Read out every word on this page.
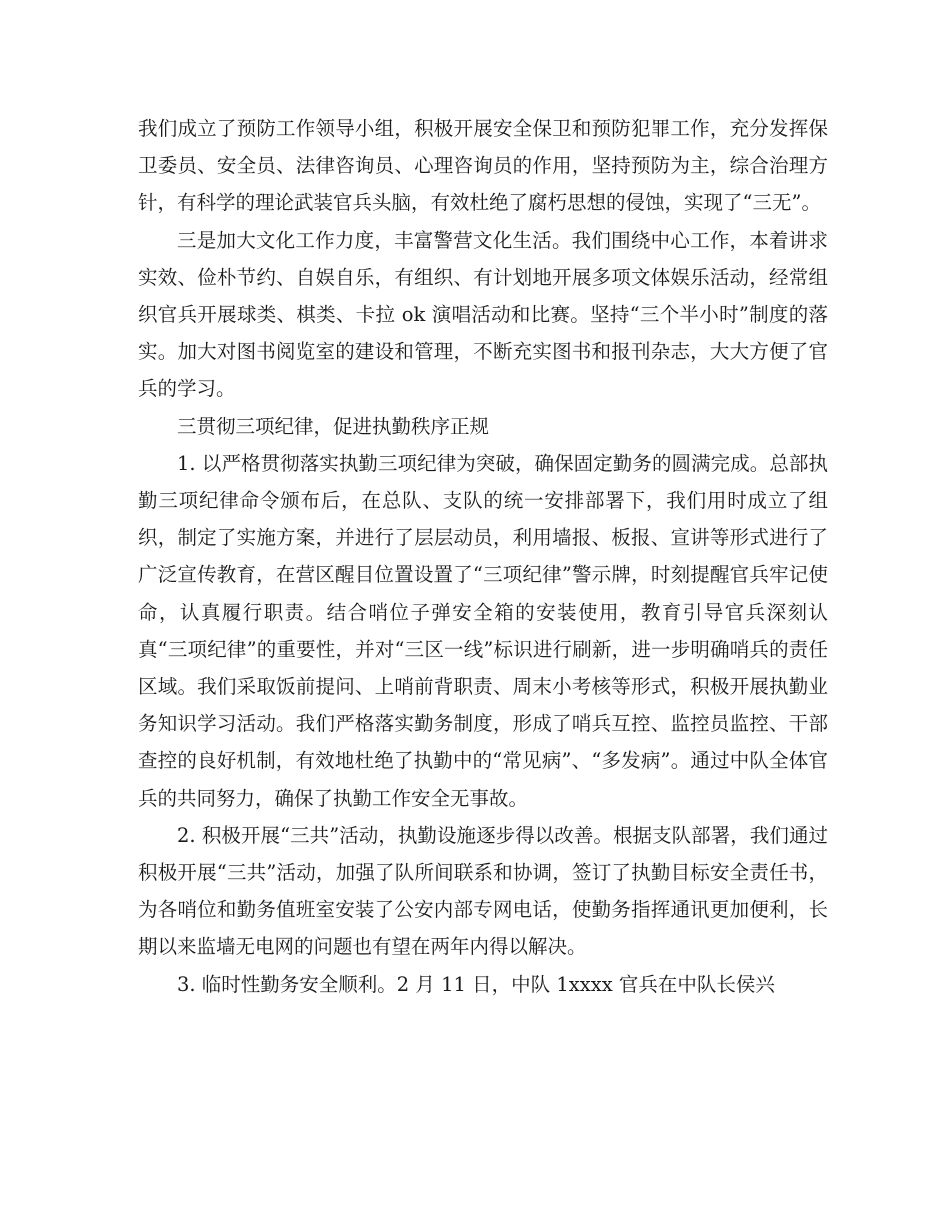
我们成立了预防工作领导小组，积极开展安全保卫和预防犯罪工作，充分发挥保卫委员、安全员、法律咨询员、心理咨询员的作用，坚持预防为主，综合治理方针，有科学的理论武装官兵头脑，有效杜绝了腐朽思想的侵蚀，实现了“三无”。

三是加大文化工作力度，丰富警营文化生活。我们围绕中心工作，本着讲求实效、俭朴节约、自娱自乐，有组织、有计划地开展多项文体娱乐活动，经常组织官兵开展球类、棋类、卡拉 ok 演唱活动和比赛。坚持“三个半小时”制度的落实。加大对图书阅览室的建设和管理，不断充实图书和报刊杂志，大大方便了官兵的学习。

三贯彻三项纪律，促进执勤秩序正规

1. 以严格贯彻落实执勤三项纪律为突破，确保固定勤务的圆满完成。总部执勤三项纪律命令颁布后，在总队、支队的统一安排部署下，我们用时成立了组织，制定了实施方案，并进行了层层动员，利用墙报、板报、宣讲等形式进行了广泛宣传教育，在营区醒目位置设置了“三项纪律”警示牌，时刻提醒官兵牢记使命，认真履行职责。结合哨位子弹安全箱的安装使用，教育引导官兵深刻认真“三项纪律”的重要性，并对“三区一线”标识进行刷新，进一步明确哨兵的责任区域。我们采取饭前提问、上哨前背职责、周末小考核等形式，积极开展执勤业务知识学习活动。我们严格落实勤务制度，形成了哨兵互控、监控员监控、干部查控的良好机制，有效地杜绝了执勤中的“常见病”、“多发病”。通过中队全体官兵的共同努力，确保了执勤工作安全无事故。

2. 积极开展“三共”活动，执勤设施逐步得以改善。根据支队部署，我们通过积极开展“三共”活动，加强了队所间联系和协调，签订了执勤目标安全责任书，为各哨位和勤务值班室安装了公安内部专网电话，使勤务指挥通讯更加便利，长期以来监墙无电网的问题也有望在两年内得以解决。

3. 临时性勤务安全顺利。2 月 11 日，中队 1xxxx 官兵在中队长侯兴
